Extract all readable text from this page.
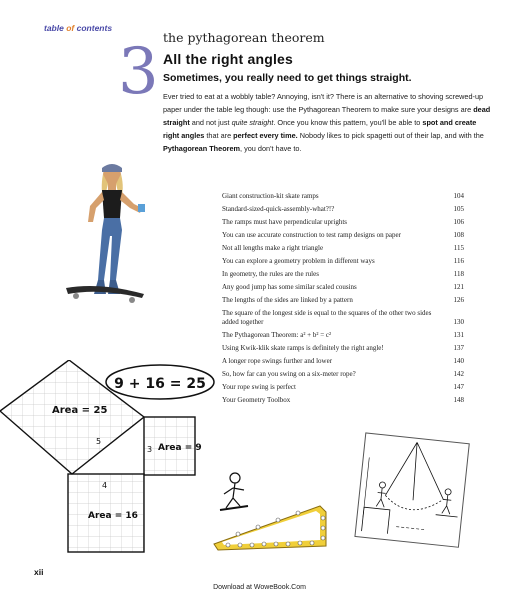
table of contents
3 the pythagorean theorem
All the right angles
Sometimes, you really need to get things straight.
Ever tried to eat at a wobbly table? Annoying, isn't it? There is an alternative to shoving screwed-up paper under the table leg though: use the Pythagorean Theorem to make sure your designs are dead straight and not just quite straight. Once you know this pattern, you'll be able to spot and create right angles that are perfect every time. Nobody likes to pick spagetti out of their lap, and with the Pythagorean Theorem, you don't have to.
Giant construction-kit skate ramps	104
Standard-sized-quick-assembly-what?!?	105
The ramps must have perpendicular uprights	106
You can use accurate construction to test ramp designs on paper	108
Not all lengths make a right triangle	115
You can explore a geometry problem in different ways	116
In geometry, the rules are the rules	118
Any good jump has some similar scaled cousins	121
The lengths of the sides are linked by a pattern	126
The square of the longest side is equal to the squares of the other two sides added together	130
The Pythagorean Theorem: a² + b² = c²	131
Using Kwik-klik skate ramps is definitely the right angle!	137
A longer rope swings further and lower	140
So, how far can you swing on a six-meter rope?	142
Your rope swing is perfect	147
Your Geometry Toolbox	148
9 + 16 = 25
Area = 25
Area = 9
Area = 16
5
3
4
xii
Download at WoweBook.Com
